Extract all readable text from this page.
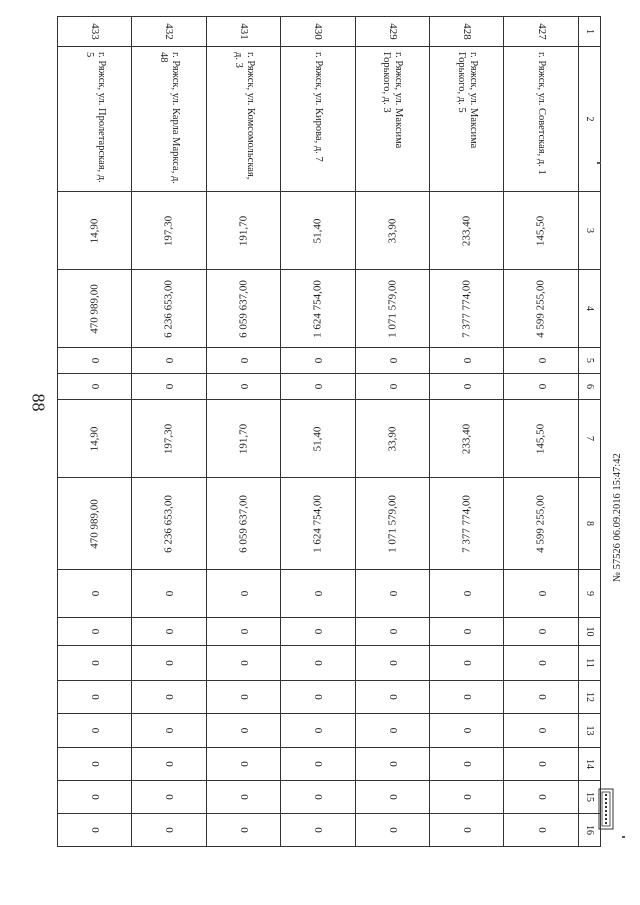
88
1	2	3	4	5	6	7	8	9	10	11	12	13	14	15	16
427	г. Ряжск, ул. Советская, д. 1	145,50	4 599 255,00	0	0	145,50	4 599 255,00	0	0	0	0	0	0	0	0
428	г. Ряжск, ул. Максима Горького, д. 5	233,40	7 377 774,00	0	0	233,40	7 377 774,00	0	0	0	0	0	0	0	0
429	г. Ряжск, ул. Максима Горького, д. 3	33,90	1 071 579,00	0	0	33,90	1 071 579,00	0	0	0	0	0	0	0	0
430	г. Ряжск, ул. Кирова, д. 7	51,40	1 624 754,00	0	0	51,40	1 624 754,00	0	0	0	0	0	0	0	0
431	г. Ряжск, ул. Комсомольская, д. 3	191,70	6 059 637,00	0	0	191,70	6 059 637,00	0	0	0	0	0	0	0	0
432	г. Ряжск, ул. Карла Маркса, д. 48	197,30	6 236 653,00	0	0	197,30	6 236 653,00	0	0	0	0	0	0	0	0
433	г. Ряжск, ул. Пролетарская, д. 5	14,90	470 989,00	0	0	14,90	470 989,00	0	0	0	0	0	0	0	0
№ 57526 06.09.2016 15:47:42
